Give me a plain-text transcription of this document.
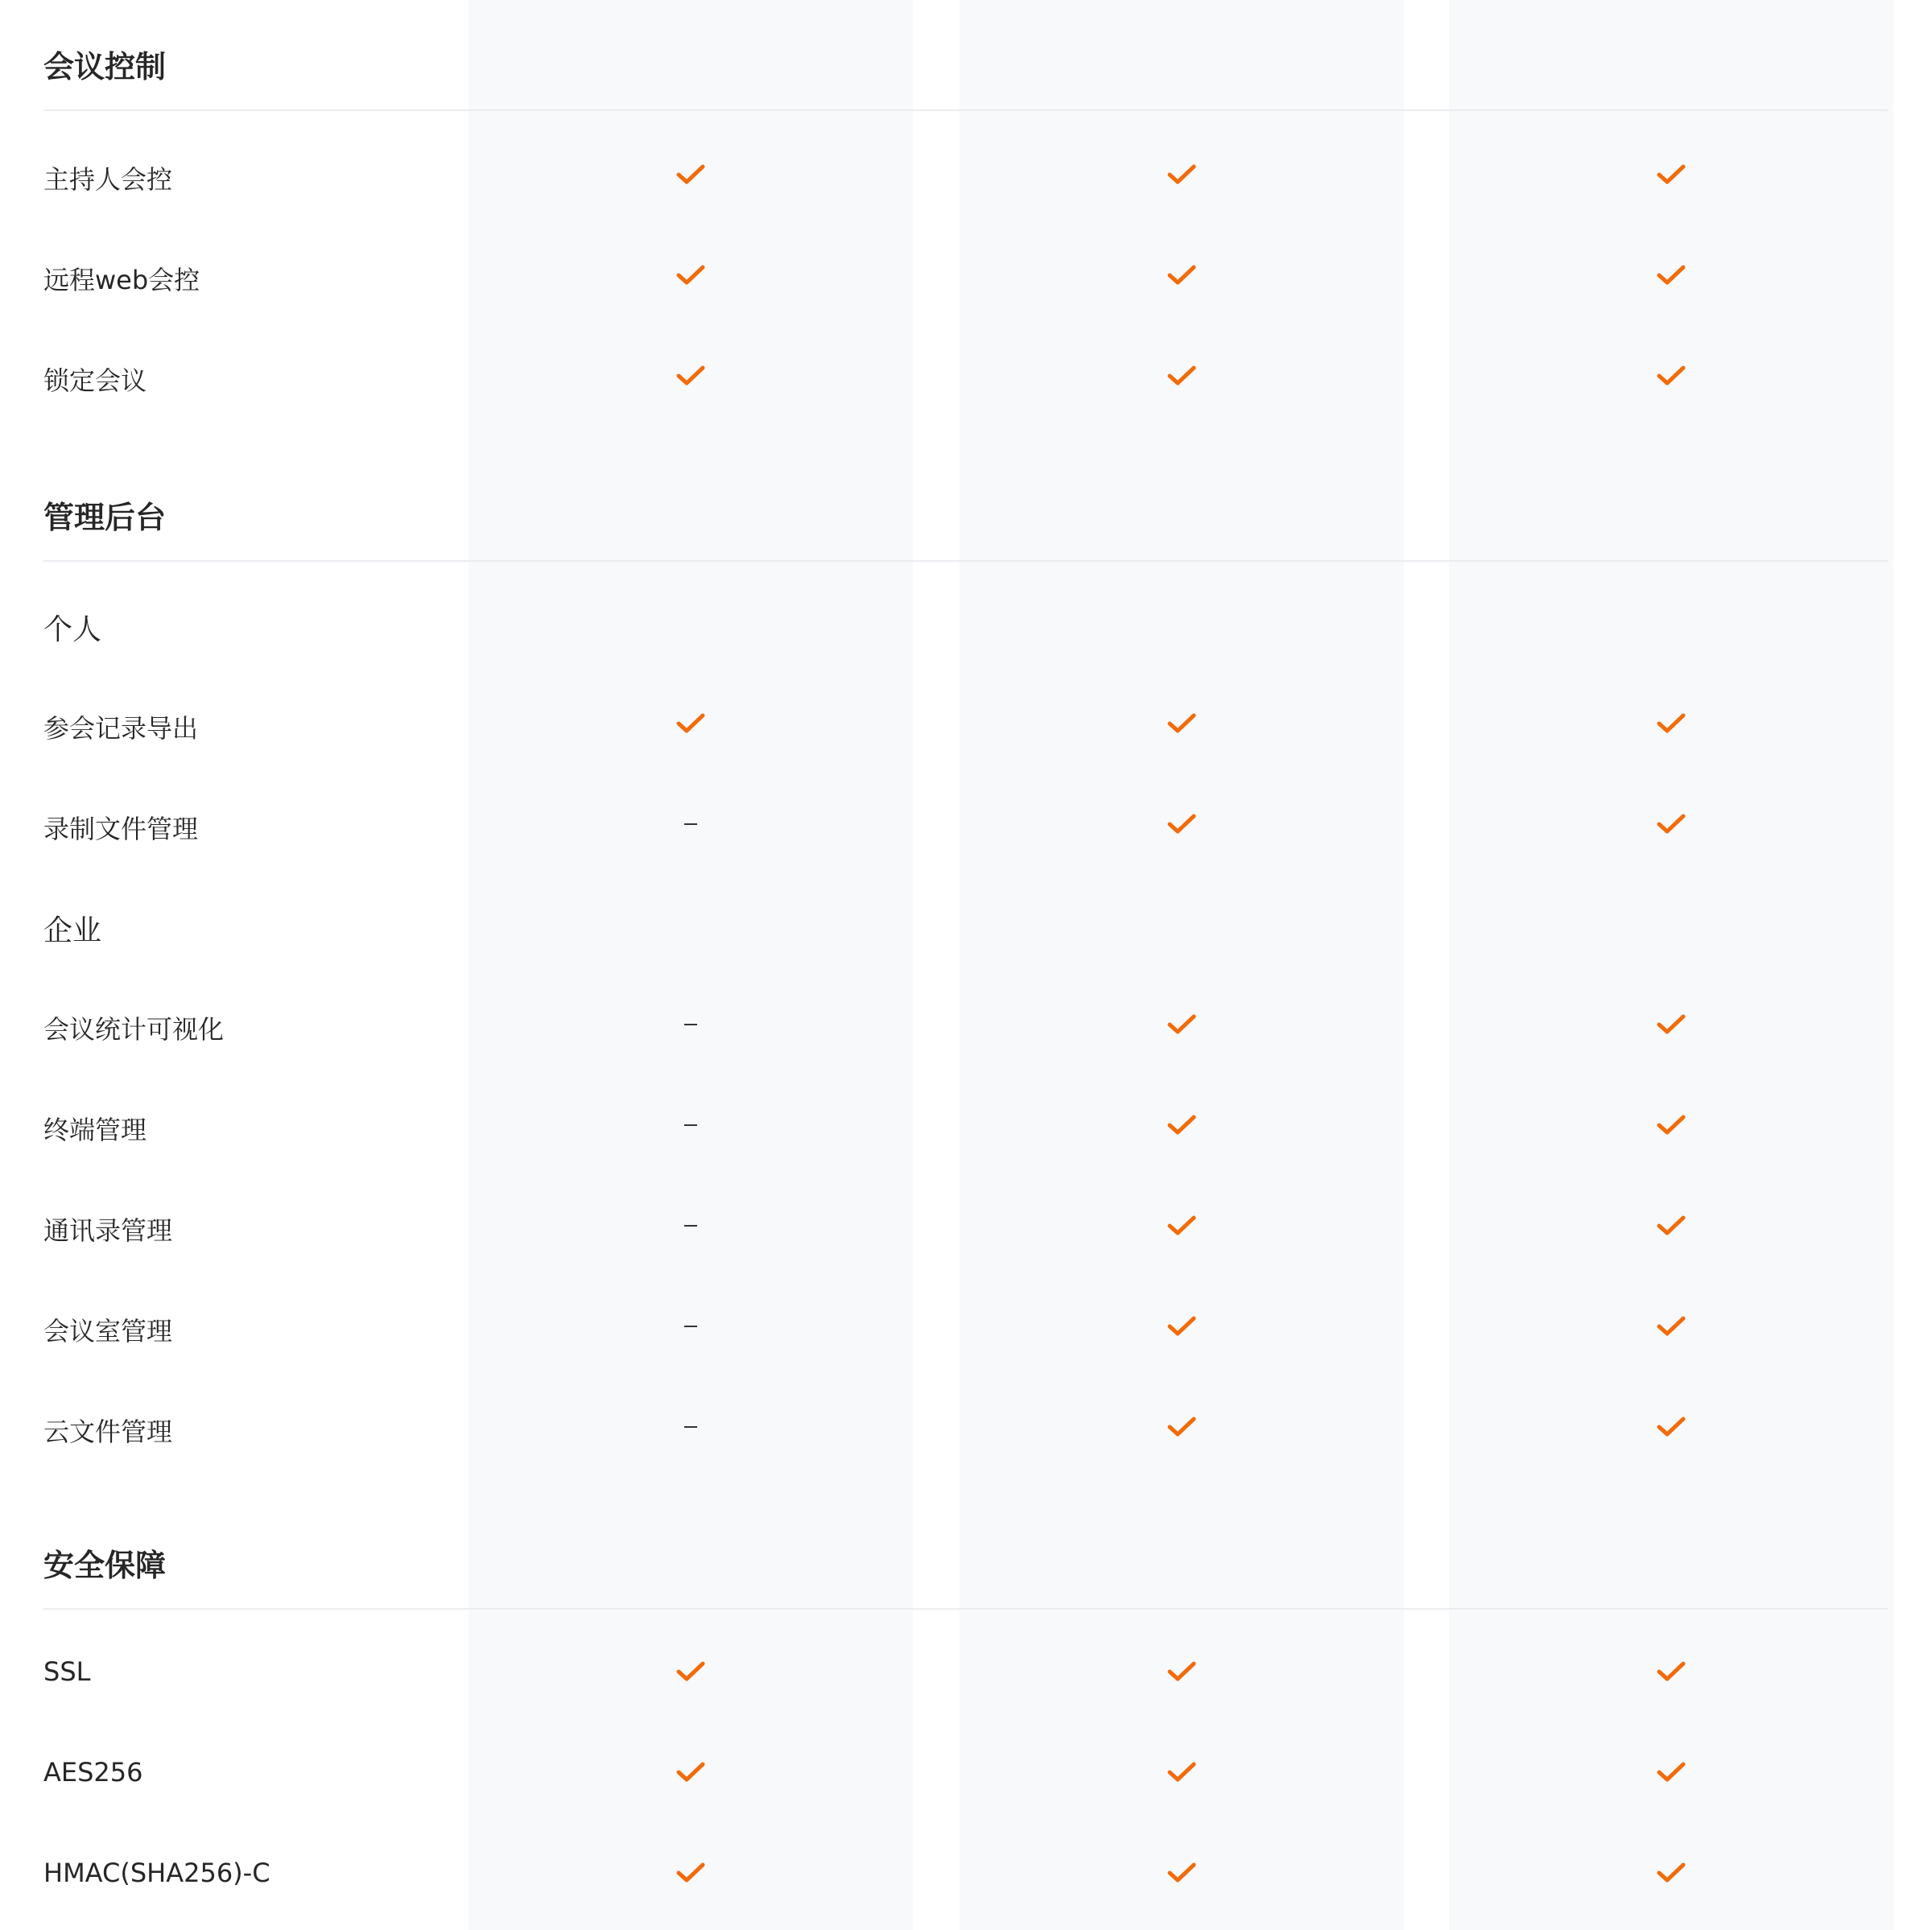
会议控制
主持人会控
远程web会控
锁定会议
管理后台
个人
参会记录导出
录制文件管理
企业
会议统计可视化
终端管理
通讯录管理
会议室管理
云文件管理
安全保障
SSL
AES256
HMAC(SHA256)-C
